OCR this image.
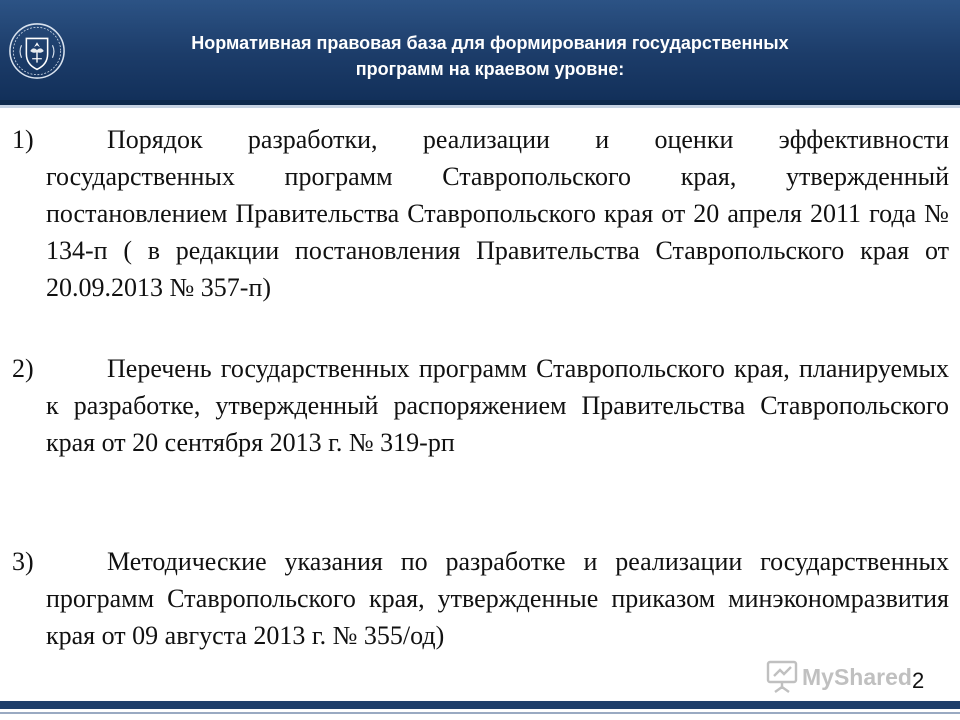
Нормативная правовая база для формирования государственных
программ на краевом уровне:

1)	Порядок разработки, реализации и оценки эффективности государственных программ Ставропольского края, утвержденный постановлением Правительства Ставропольского края от 20 апреля 2011 года № 134-п ( в редакции постановления Правительства Ставропольского края от 20.09.2013 № 357-п)

2)	Перечень государственных программ Ставропольского края, планируемых к разработке, утвержденный распоряжением Правительства Ставропольского края от 20 сентября 2013 г. № 319-рп

3)	Методические указания по разработке и реализации государственных программ Ставропольского края, утвержденные приказом минэкономразвития края от 09 августа 2013 г. № 355/од)

MyShared 2
